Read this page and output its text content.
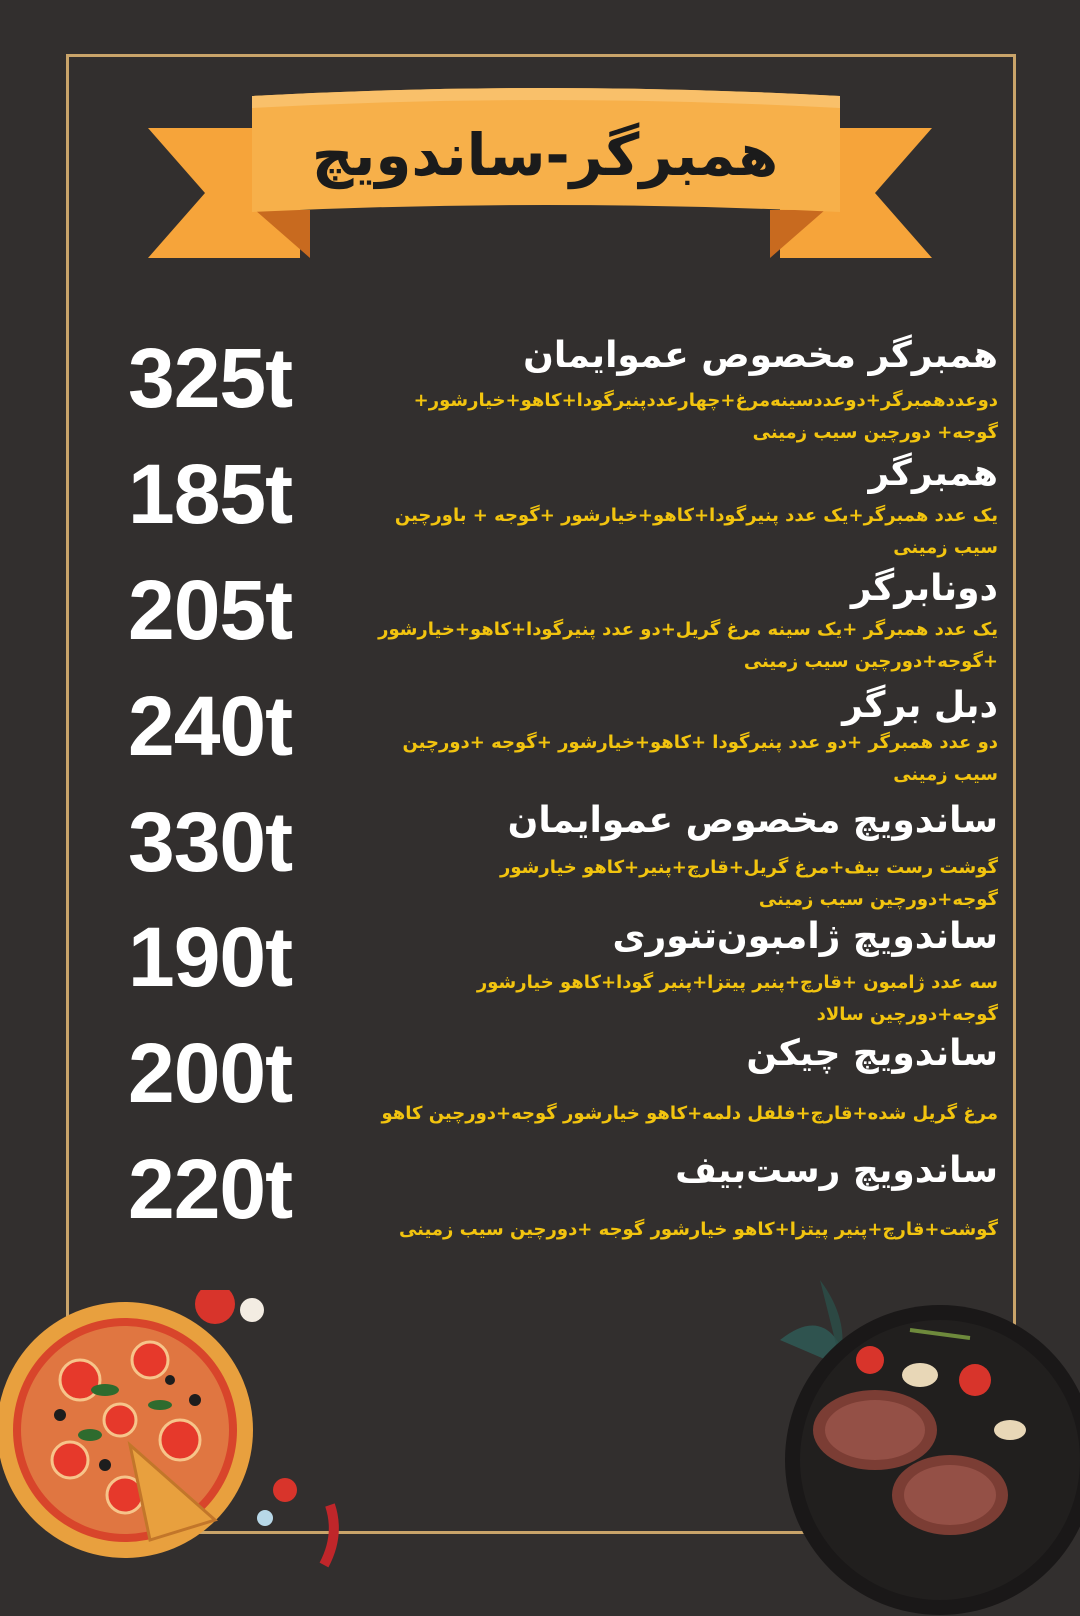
همبرگر-ساندویچ
325t	همبرگر مخصوص عموایمان
دوعددهمبرگر+دوعددسینه‌مرغ+چهارعددپنیرگودا+کاهو+خیارشور+ گوجه+ دورچین سیب زمینی
185t	همبرگر
یک عدد همبرگر+یک عدد پنیرگودا+کاهو+خیارشور +گوجه + باورچین سیب زمینی
205t	دونابرگر
یک عدد همبرگر +یک سینه مرغ گریل+دو عدد پنیرگودا+کاهو+خیارشور +گوجه+دورچین سیب زمینی
240t	دبل برگر
دو عدد همبرگر +دو عدد پنیرگودا +کاهو+خیارشور +گوجه +دورچین سیب زمینی
330t	ساندویچ مخصوص عموایمان
گوشت رست بیف+مرغ گریل+قارچ+پنیر+کاهو خیارشور گوجه+دورچین سیب زمینی
190t	ساندویچ ژامبون‌تنوری
سه عدد ژامبون +قارچ+پنیر پیتزا+پنیر گودا+کاهو خیارشور گوجه+دورچین سالاد
200t	ساندویچ چیکن
مرغ گریل شده+قارچ+فلفل دلمه+کاهو خیارشور گوجه+دورچین کاهو
220t	ساندویچ رست‌بیف
گوشت+قارچ+پنیر پیتزا+کاهو خیارشور گوجه +دورچین سیب زمینی
